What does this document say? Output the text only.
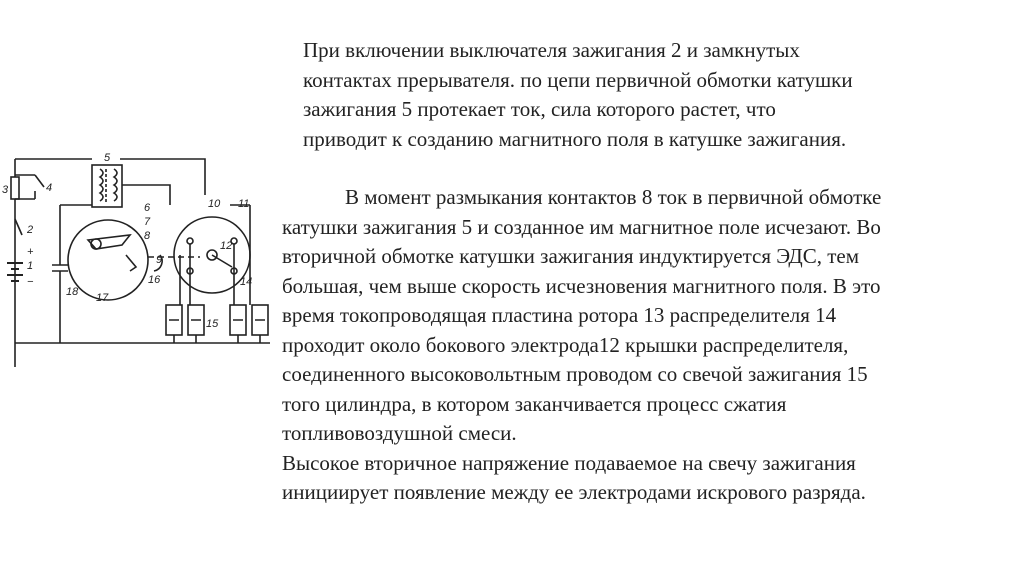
При включении выключателя зажигания 2 и замкнутых
контактах прерывателя. по цепи первичной обмотки катушки
зажигания 5 протекает ток, сила которого растет, что
приводит к созданию магнитного поля в катушке зажигания.
В момент размыкания контактов 8 ток в первичной обмотке
катушки зажигания 5 и созданное им магнитное поле исчезают. Во
вторичной обмотке катушки зажигания индуктируется ЭДС, тем
большая, чем выше скорость исчезновения магнитного поля. В это
время токопроводящая пластина ротора 13 распределителя 14
проходит около бокового электрода12 крышки распределителя,
соединенного высоковольтным проводом со свечой зажигания 15
того цилиндра, в котором заканчивается процесс сжатия
топливовоздушной смеси.
Высокое вторичное напряжение подаваемое на свечу зажигания
инициирует появление между ее электродами искрового разряда.
3	4
5
2
+
1
−
6
7
8
9
16
17
18
10 11
12
14
15
